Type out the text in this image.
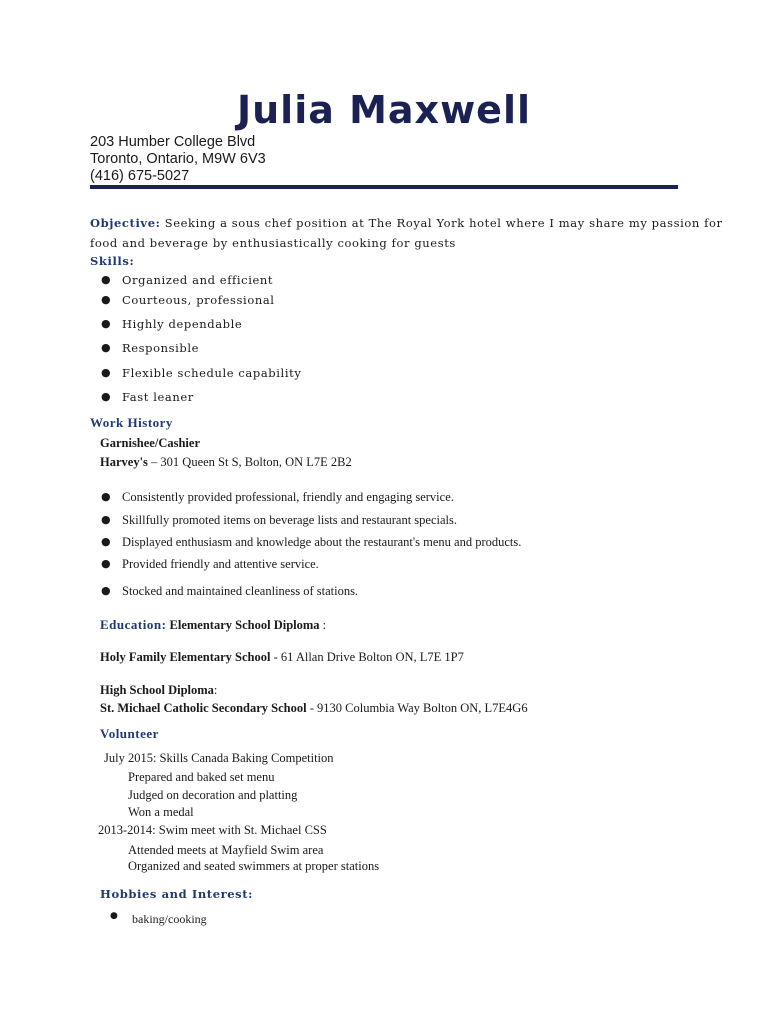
Julia Maxwell
203 Humber College Blvd
Toronto, Ontario, M9W 6V3
(416) 675-5027
Objective: Seeking a sous chef position at The Royal York hotel where I may share my passion for
food and beverage by enthusiastically cooking for guests
Skills:
● Organized and efficient
● Courteous, professional
● Highly dependable
● Responsible
● Flexible schedule capability
● Fast leaner
Work History
Garnishee/Cashier
Harvey's – 301 Queen St S, Bolton, ON L7E 2B2
● Consistently provided professional, friendly and engaging service.
● Skillfully promoted items on beverage lists and restaurant specials.
● Displayed enthusiasm and knowledge about the restaurant's menu and products.
● Provided friendly and attentive service.
● Stocked and maintained cleanliness of stations.
Education: Elementary School Diploma :
Holy Family Elementary School - 61 Allan Drive Bolton ON, L7E 1P7
High School Diploma:
St. Michael Catholic Secondary School - 9130 Columbia Way Bolton ON, L7E4G6
Volunteer
July 2015: Skills Canada Baking Competition
Prepared and baked set menu
Judged on decoration and platting
Won a medal
2013-2014: Swim meet with St. Michael CSS
Attended meets at Mayfield Swim area
Organized and seated swimmers at proper stations
Hobbies and Interest:
● baking/cooking
